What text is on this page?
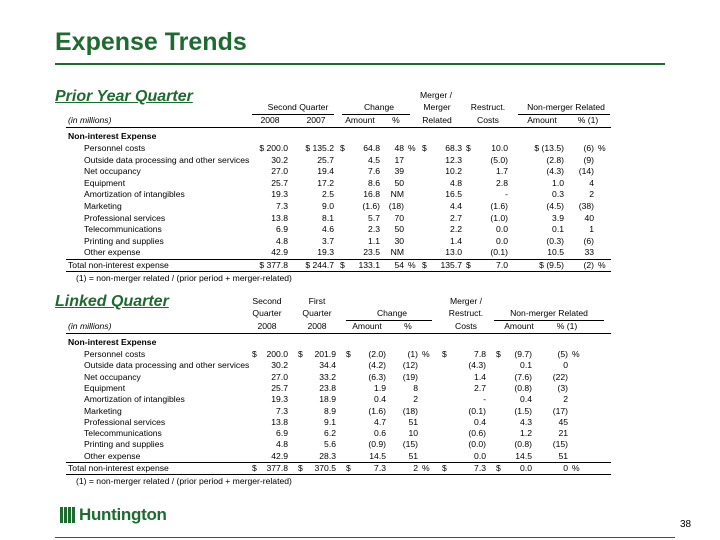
Expense Trends
Prior Year Quarter	Merger /
Second Quarter	Change	Merger	Restruct.	Non-merger Related
(in millions)	2008	2007	Amount	%	Related	Costs	Amount	% (1)
Non-interest Expense
Personnel costs	$ 200.0	$ 135.2 $	64.8	48 % $	68.3 $	10.0	$ (13.5)	(6) %
Outside data processing and other services	30.2	25.7	4.5	17	12.3	(5.0)	(2.8)	(9)
Net occupancy	27.0	19.4	7.6	39	10.2	1.7	(4.3)	(14)
Equipment	25.7	17.2	8.6	50	4.8	2.8	1.0	4
Amortization of intangibles	19.3	2.5	16.8	NM	16.5	-	0.3	2
Marketing	7.3	9.0	(1.6)	(18)	4.4	(1.6)	(4.5)	(38)
Professional services	13.8	8.1	5.7	70	2.7	(1.0)	3.9	40
Telecommunications	6.9	4.6	2.3	50	2.2	0.0	0.1	1
Printing and supplies	4.8	3.7	1.1	30	1.4	0.0	(0.3)	(6)
Other expense	42.9	19.3	23.5	NM	13.0	(0.1)	10.5	33
Total non-interest expense	$ 377.8	$ 244.7 $	133.1	54 % $	135.7 $	7.0	$ (9.5)	(2) %
(1) = non-merger related / (prior period + merger-related)
Linked Quarter	Second	First	Merger /
Quarter	Quarter	Change	Restruct.	Non-merger Related
(in millions)	2008	2008	Amount	%	Costs	Amount	% (1)
Non-interest Expense
Personnel costs	$	200.0 $	201.9 $	(2.0)	(1) % $	7.8 $	(9.7)	(5) %
Outside data processing and other services	30.2	34.4	(4.2)	(12)	(4.3)	0.1	0
Net occupancy	27.0	33.2	(6.3)	(19)	1.4	(7.6)	(22)
Equipment	25.7	23.8	1.9	8	2.7	(0.8)	(3)
Amortization of intangibles	19.3	18.9	0.4	2	-	0.4	2
Marketing	7.3	8.9	(1.6)	(18)	(0.1)	(1.5)	(17)
Professional services	13.8	9.1	4.7	51	0.4	4.3	45
Telecommunications	6.9	6.2	0.6	10	(0.6)	1.2	21
Printing and supplies	4.8	5.6	(0.9)	(15)	(0.0)	(0.8)	(15)
Other expense	42.9	28.3	14.5	51	0.0	14.5	51
Total non-interest expense	$	377.8 $	370.5 $	7.3	2 % $	7.3 $	0.0	0 %
(1) = non-merger related / (prior period + merger-related)
Huntington
38
